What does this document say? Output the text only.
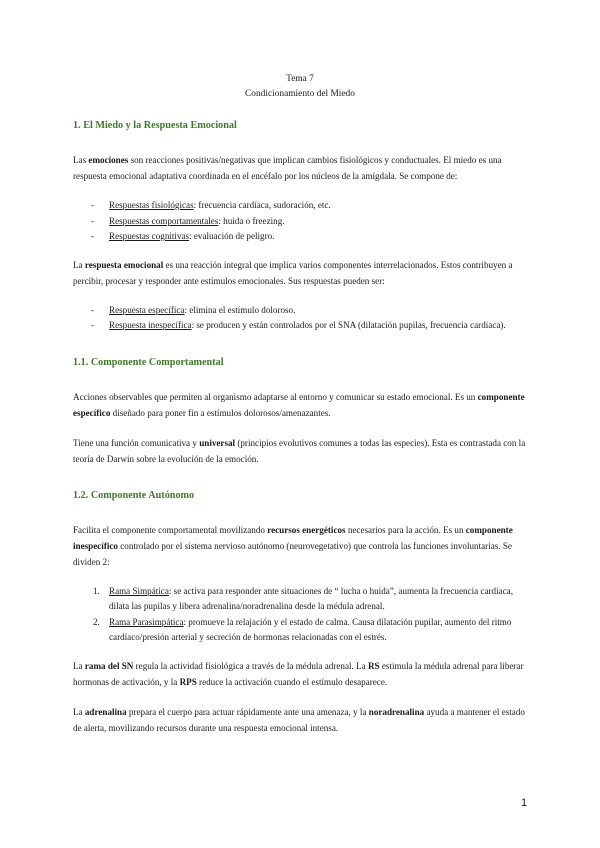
Tema 7
Condicionamiento del Miedo
1. El Miedo y la Respuesta Emocional

Las emociones son reacciones positivas/negativas que implican cambios fisiológicos y conductuales. El miedo es una respuesta emocional adaptativa coordinada en el encéfalo por los núcleos de la amígdala. Se compone de:

- Respuestas fisiológicas: frecuencia cardíaca, sudoración, etc.
- Respuestas comportamentales: huida o freezing.
- Respuestas cognitivas: evaluación de peligro.

La respuesta emocional es una reacción integral que implica varios componentes interrelacionados. Estos contribuyen a percibir, procesar y responder ante estímulos emocionales. Sus respuestas pueden ser:

- Respuesta específica: elimina el estímulo doloroso.
- Respuesta inespecífica: se producen y están controlados por el SNA (dilatación pupilas, frecuencia cardiaca).
1.1. Componente Comportamental

Acciones observables que permiten al organismo adaptarse al entorno y comunicar su estado emocional. Es un componente específico diseñado para poner fin a estímulos dolorosos/amenazantes.

Tiene una función comunicativa y universal (principios evolutivos comunes a todas las especies). Esta es contrastada con la teoría de Darwin sobre la evolución de la emoción.

1.2. Componente Autónomo

Facilita el componente comportamental movilizando recursos energéticos necesarios para la acción. Es un componente inespecífico controlado por el sistema nervioso autónomo (neurovegetativo) que controla las funciones involuntarias. Se dividen 2:

1. Rama Simpática: se activa para responder ante situaciones de “ lucha o huida”, aumenta la frecuencia cardiaca, dilata las pupilas y libera adrenalina/noradrenalina desde la médula adrenal.
2. Rama Parasimpática: promueve la relajación y el estado de calma. Causa dilatación pupilar, aumento del ritmo cardíaco/presión arterial y secreción de hormonas relacionadas con el estrés.

La rama del SN regula la actividad fisiológica a través de la médula adrenal. La RS estimula la médula adrenal para liberar hormonas de activación, y la RPS reduce la activación cuando el estímulo desaparece.

La adrenalina prepara el cuerpo para actuar rápidamente ante una amenaza, y la noradrenalina ayuda a mantener el estado de alerta, movilizando recursos durante una respuesta emocional intensa.

1
